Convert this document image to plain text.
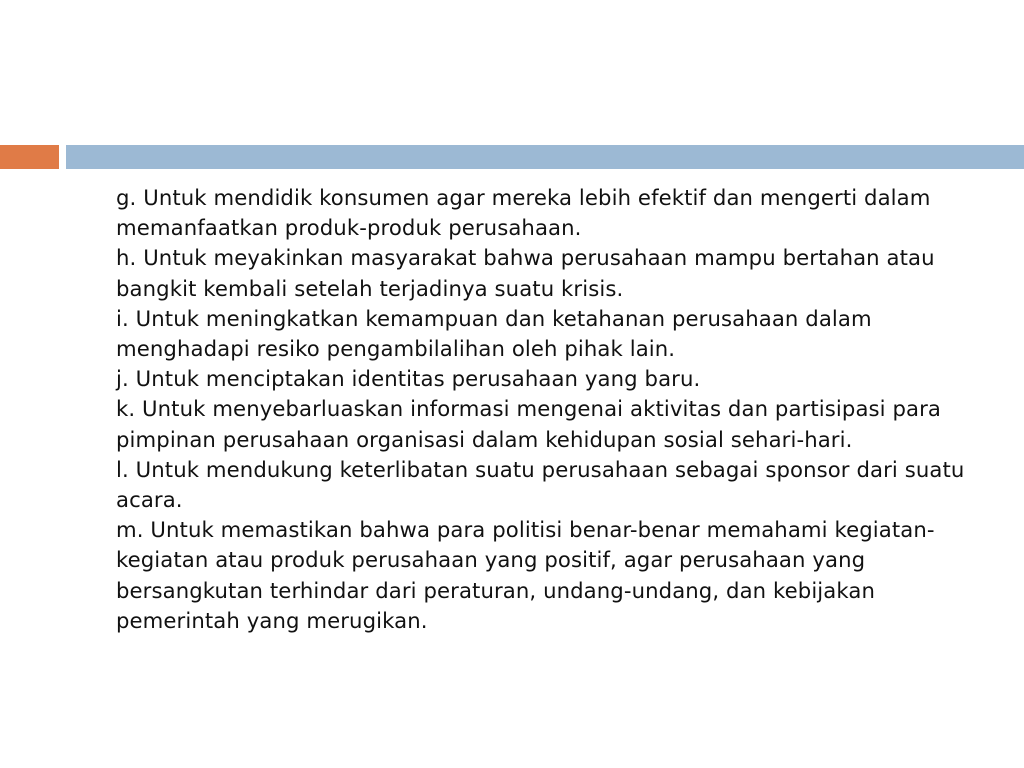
g. Untuk mendidik konsumen agar mereka lebih efektif dan mengerti dalam memanfaatkan produk-produk perusahaan.

h. Untuk meyakinkan masyarakat bahwa perusahaan mampu bertahan atau bangkit kembali setelah terjadinya suatu krisis.

i. Untuk meningkatkan kemampuan dan ketahanan perusahaan dalam menghadapi resiko pengambilalihan oleh pihak lain.

j. Untuk menciptakan identitas perusahaan yang baru.

k. Untuk menyebarluaskan informasi mengenai aktivitas dan partisipasi para pimpinan perusahaan organisasi dalam kehidupan sosial sehari-hari.

l. Untuk mendukung keterlibatan suatu perusahaan sebagai sponsor dari suatu acara.

m. Untuk memastikan bahwa para politisi benar-benar memahami kegiatan-kegiatan atau produk perusahaan yang positif, agar perusahaan yang bersangkutan terhindar dari peraturan, undang-undang, dan kebijakan pemerintah yang merugikan.
